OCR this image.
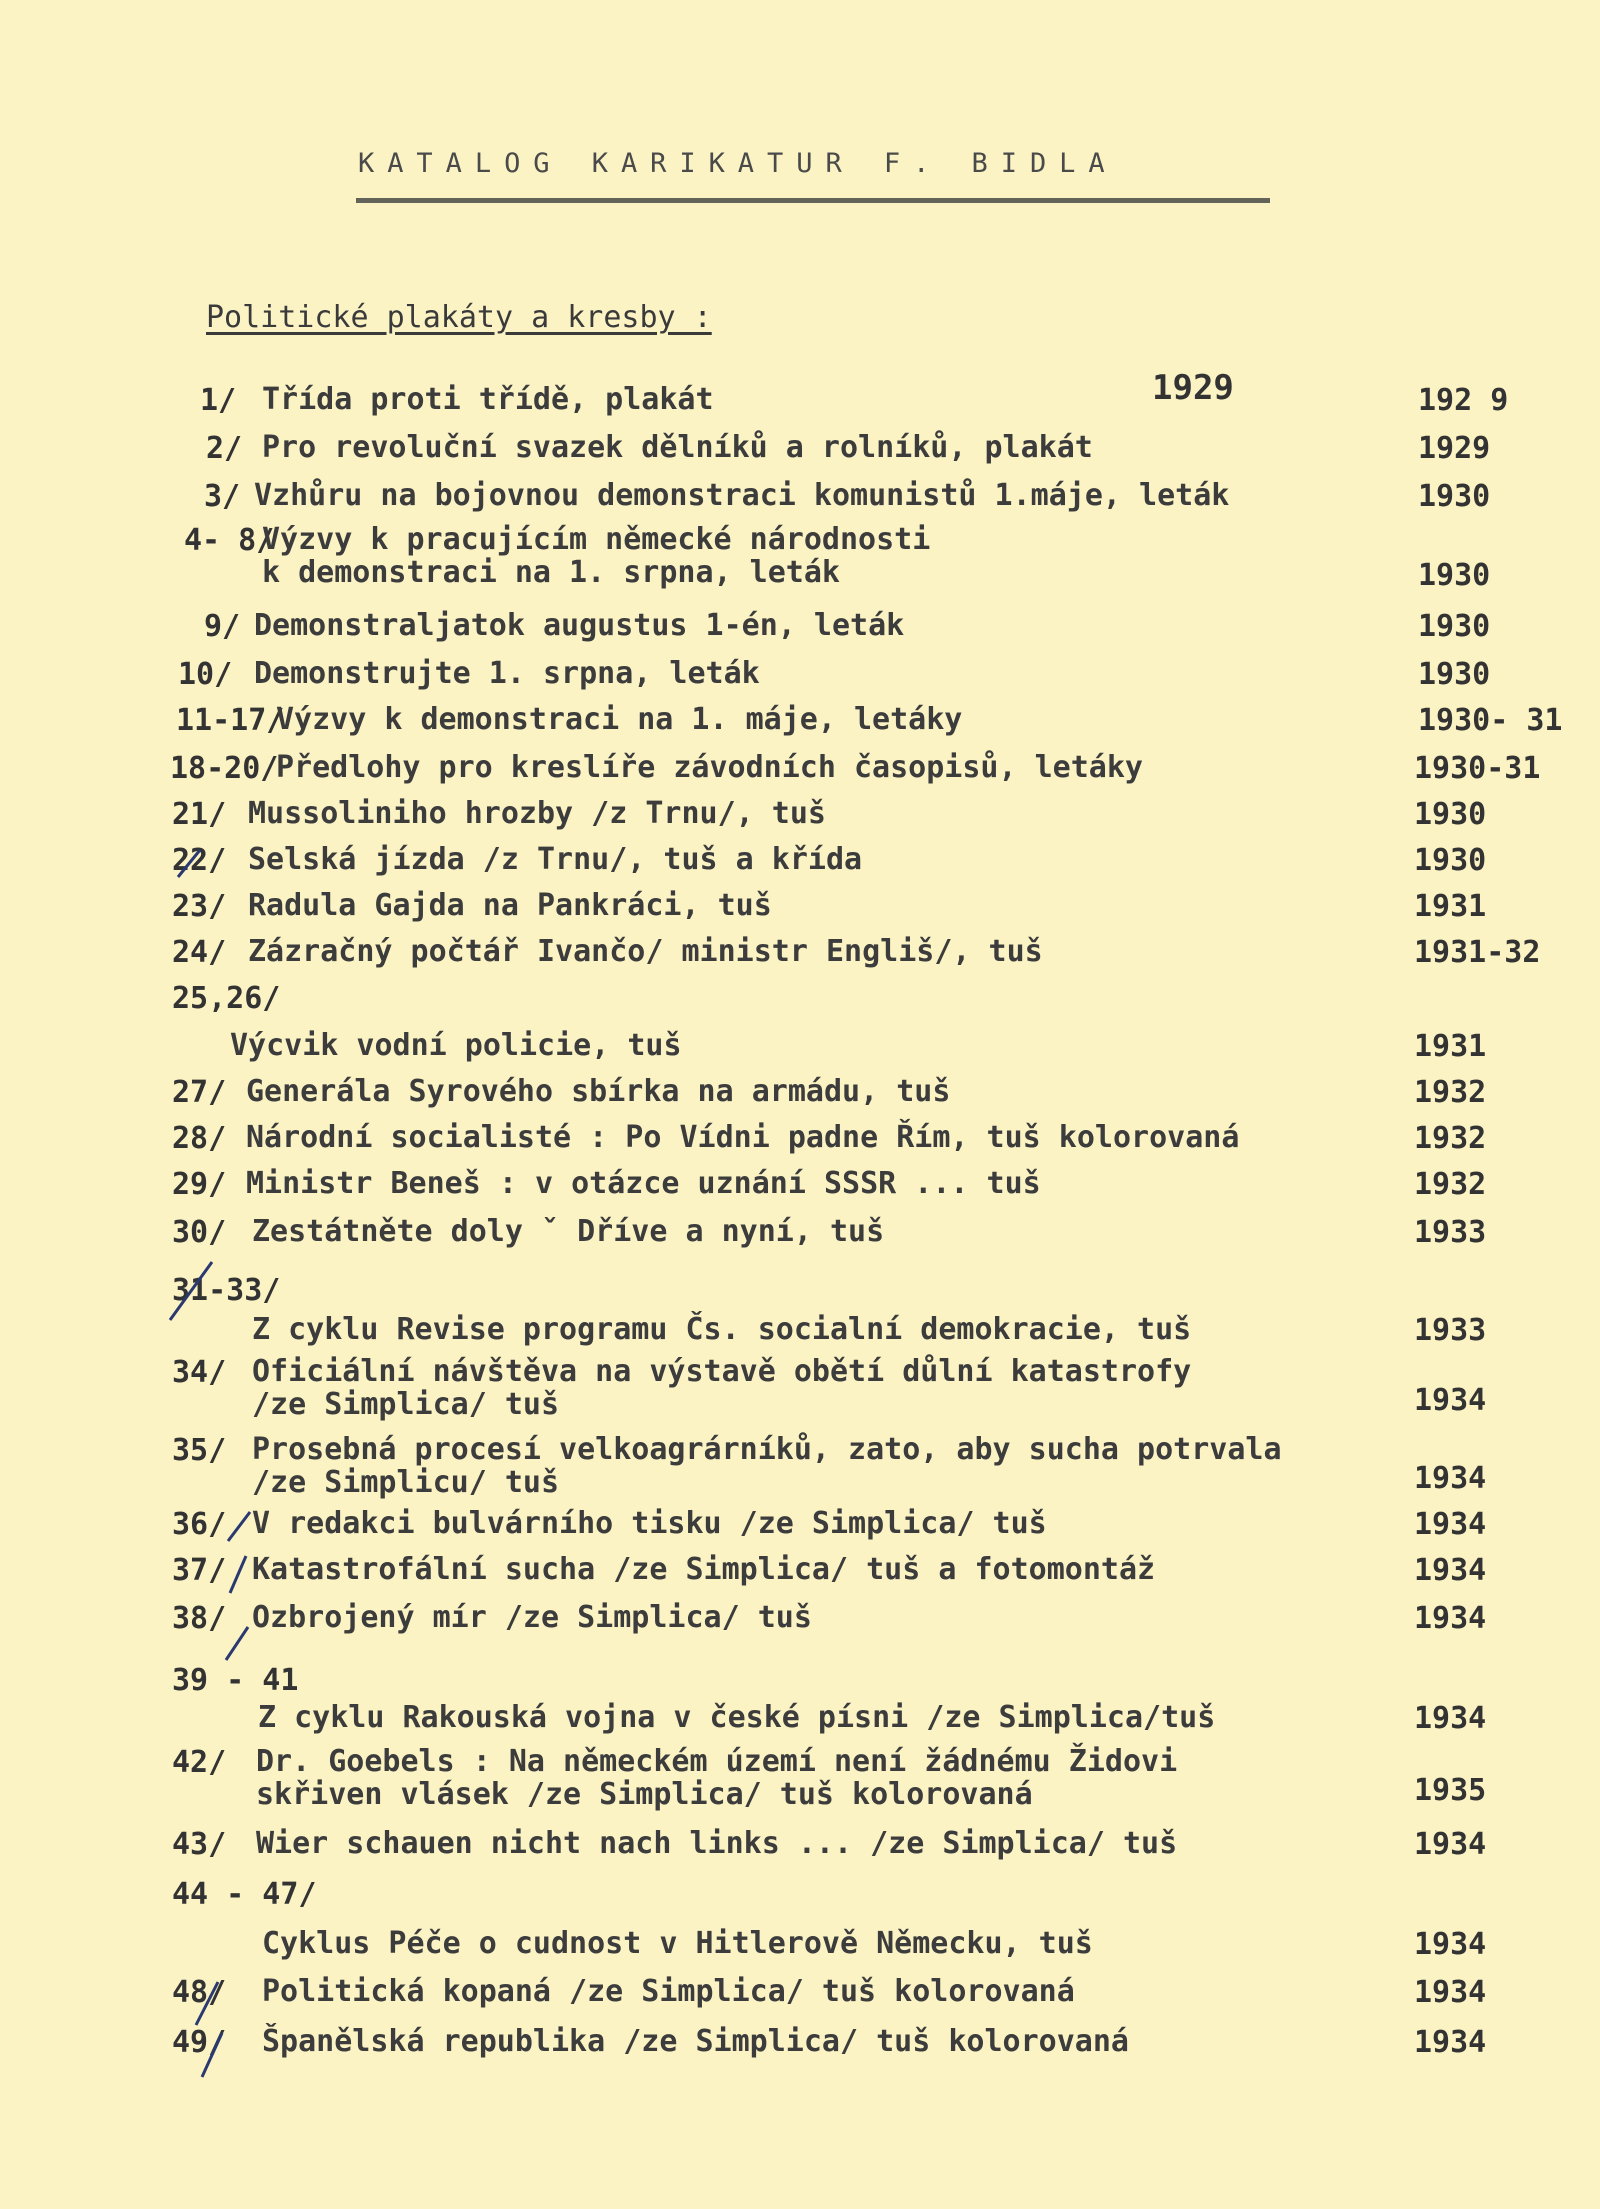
KATALOG KARIKATUR F. BIDLA
Politické plakáty a kresby :
1929
1/ Třída proti třídě, plakát	192 9
2/ Pro revoluční svazek dělníků a rolníků, plakát	1929
3/ Vzhůru na bojovnou demonstraci komunistů 1.máje, leták	1930
4- 8/
Výzvy k pracujícím německé národnosti
k demonstraci na 1. srpna, leták	1930
9/ Demonstraljatok augustus 1-én, leták	1930
10/ Demonstrujte 1. srpna, leták	1930
11-17/
Výzvy k demonstraci na 1. máje, letáky	1930- 31
18-20/
Předlohy pro kreslíře závodních časopisů, letáky	1930-31
21/ Mussoliniho hrozby /z Trnu/, tuš	1930
22/ Selská jízda /z Trnu/, tuš a křída	1930
23/ Radula Gajda na Pankráci, tuš	1931
24/ Zázračný počtář Ivančo/ ministr Engliš/, tuš	1931-32
25,26/
Výcvik vodní policie, tuš	1931
27/ Generála Syrového sbírka na armádu, tuš	1932
28/ Národní socialisté : Po Vídni padne Řím, tuš kolorovaná	1932
29/ Ministr Beneš : v otázce uznání SSSR ... tuš	1932
30/ Zestátněte doly ˇ Dříve a nyní, tuš	1933
31-33/
Z cyklu Revise programu Čs. socialní demokracie, tuš	1933
34/ Oficiální návštěva na výstavě obětí důlní katastrofy
/ze Simplica/ tuš	1934
35/ Prosebná procesí velkoagrárníků, zato, aby sucha potrvala
/ze Simplicu/ tuš	1934
36/ V redakci bulvárního tisku /ze Simplica/ tuš	1934
37/ Katastrofální sucha /ze Simplica/ tuš a fotomontáž	1934
38/ Ozbrojený mír /ze Simplica/ tuš	1934
39 - 41
Z cyklu Rakouská vojna v české písni /ze Simplica/tuš	1934
42/ Dr. Goebels : Na německém území není žádnému Židovi
skřiven vlásek /ze Simplica/ tuš kolorovaná	1935
43/ Wier schauen nicht nach links ... /ze Simplica/ tuš	1934
44 - 47/
Cyklus Péče o cudnost v Hitlerově Německu, tuš	1934
48/ Politická kopaná /ze Simplica/ tuš kolorovaná	1934
49/ Španělská republika /ze Simplica/ tuš kolorovaná	1934
